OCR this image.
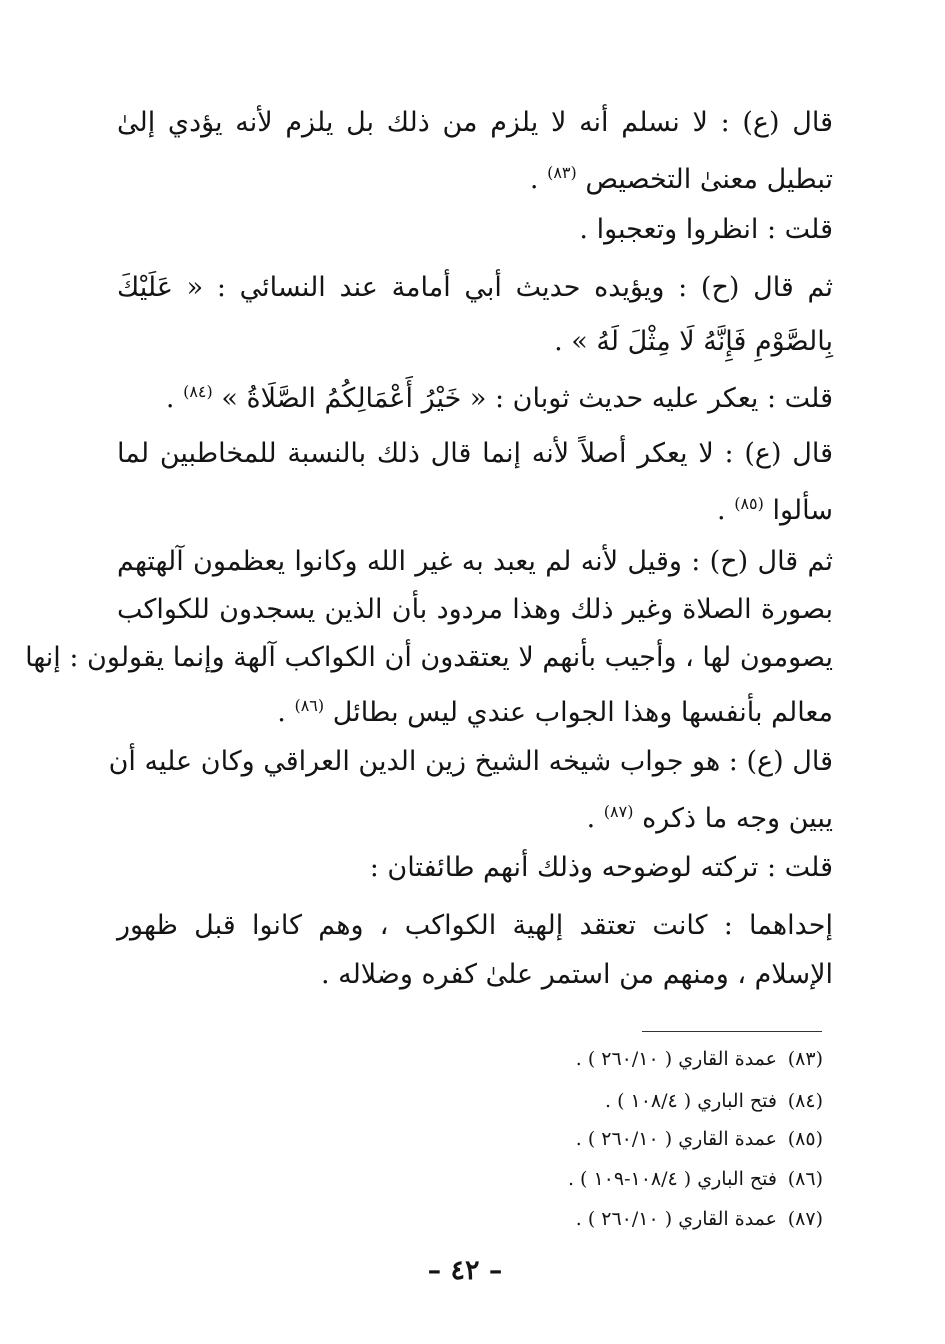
قال (ع) : لا نسلم أنه لا يلزم من ذلك بل يلزم لأنه يؤدي إلىٰ
تبطيل معنىٰ التخصيص $^{(٨٣)}$ .
قلت : انظروا وتعجبوا .
ثم قال (ح) : ويؤيده حديث أبي أمامة عند النسائي : « عَلَيْكَ
بِالصَّوْمِ فَإِنَّهُ لَا مِثْلَ لَهُ » .
قلت : يعكر عليه حديث ثوبان : « خَيْرُ أَعْمَالِكُمُ الصَّلَاةُ » $^{(٨٤)}$ .
قال (ع) : لا يعكر أصلاً لأنه إنما قال ذلك بالنسبة للمخاطبين لما
سألوا $^{(٨٥)}$ .
ثم قال (ح) : وقيل لأنه لم يعبد به غير الله وكانوا يعظمون آلهتهم
بصورة الصلاة وغير ذلك وهذا مردود بأن الذين يسجدون للكواكب
يصومون لها ، وأجيب بأنهم لا يعتقدون أن الكواكب آلهة وإنما يقولون : إنها
معالم بأنفسها وهذا الجواب عندي ليس بطائل $^{(٨٦)}$ .
قال (ع) : هو جواب شيخه الشيخ زين الدين العراقي وكان عليه أن
يبين وجه ما ذكره $^{(٨٧)}$ .
قلت : تركته لوضوحه وذلك أنهم طائفتان :
إحداهما : كانت تعتقد إلهية الكواكب ، وهم كانوا قبل ظهور
الإسلام ، ومنهم من استمر علىٰ كفره وضلاله .
(٨٣)عمدة القاري ( ٢٦٠/١٠ ) .
(٨٤)فتح الباري ( ١٠٨/٤ ) .
(٨٥)عمدة القاري ( ٢٦٠/١٠ ) .
(٨٦)فتح الباري ( ١٠٨/٤-١٠٩ ) .
(٨٧)عمدة القاري ( ٢٦٠/١٠ ) .
– ٤٢ –
